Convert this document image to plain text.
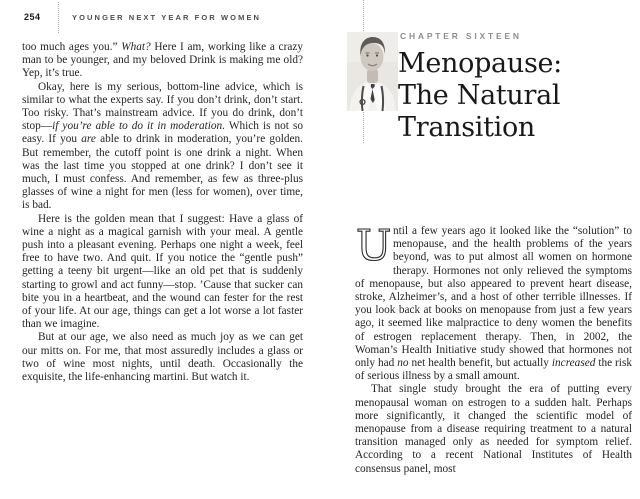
254	YOUNGER NEXT YEAR FOR WOMEN

too much ages you.” What? Here I am, working like a crazy man to be younger, and my beloved Drink is making me old? Yep, it’s true.

Okay, here is my serious, bottom-line advice, which is similar to what the experts say. If you don’t drink, don’t start. Too risky. That’s mainstream advice. If you do drink, don’t stop—if you’re able to do it in moderation. Which is not so easy. If you are able to drink in moderation, you’re golden. But remember, the cutoff point is one drink a night. When was the last time you stopped at one drink? I don’t see it much, I must confess. And remember, as few as three-plus glasses of wine a night for men (less for women), over time, is bad.

Here is the golden mean that I suggest: Have a glass of wine a night as a magical garnish with your meal. A gentle push into a pleasant evening. Perhaps one night a week, feel free to have two. And quit. If you notice the “gentle push” getting a teeny bit urgent—like an old pet that is suddenly starting to growl and act funny—stop. ’Cause that sucker can bite you in a heartbeat, and the wound can fester for the rest of your life. At our age, things can get a lot worse a lot faster than we imagine.

But at our age, we also need as much joy as we can get our mitts on. For me, that most assuredly includes a glass or two of wine most nights, until death. Occasionally the exquisite, the life-enhancing martini. But watch it.

CHAPTER SIXTEEN
Menopause:
The Natural
Transition

Until a few years ago it looked like the “solution” to menopause, and the health problems of the years beyond, was to put almost all women on hormone therapy. Hormones not only relieved the symptoms of menopause, but also appeared to prevent heart disease, stroke, Alzheimer’s, and a host of other terrible illnesses. If you look back at books on menopause from just a few years ago, it seemed like malpractice to deny women the benefits of estrogen replacement therapy. Then, in 2002, the Woman’s Health Initiative study showed that hormones not only had no net health benefit, but actually increased the risk of serious illness by a small amount.

That single study brought the era of putting every menopausal woman on estrogen to a sudden halt. Perhaps more significantly, it changed the scientific model of menopause from a disease requiring treatment to a natural transition managed only as needed for symptom relief. According to a recent National Institutes of Health consensus panel, most
